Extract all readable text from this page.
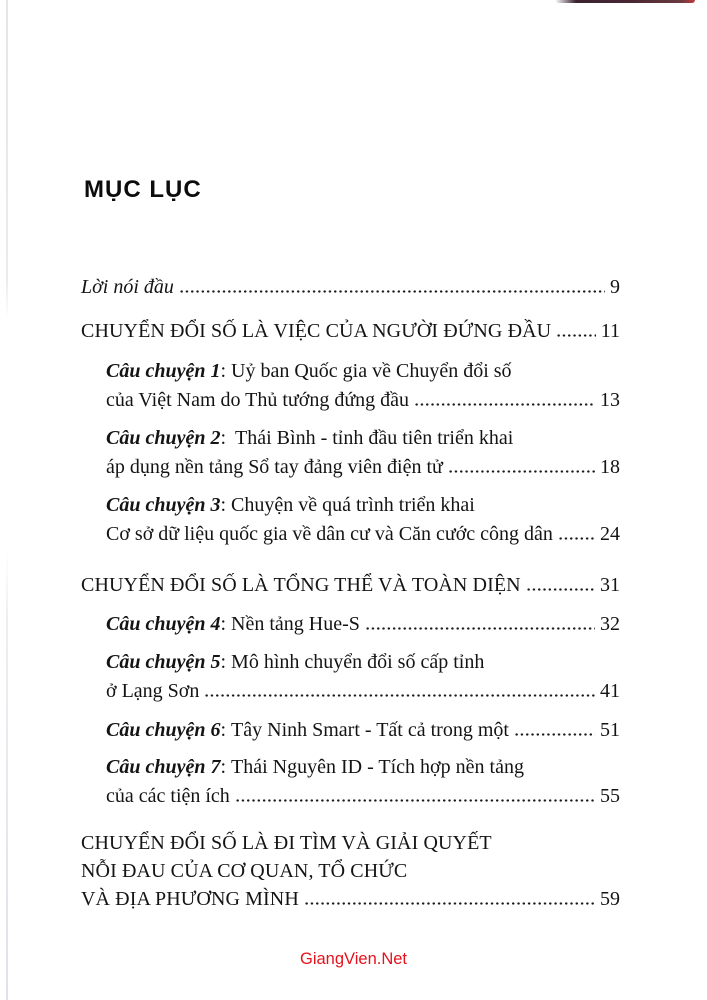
MỤC LỤC
Lời nói đầu	9
CHUYỂN ĐỔI SỐ LÀ VIỆC CỦA NGƯỜI ĐỨNG ĐẦU 11
Câu chuyện 1: Uỷ ban Quốc gia về Chuyển đổi số
của Việt Nam do Thủ tướng đứng đầu	13
Câu chuyện 2: Thái Bình - tỉnh đầu tiên triển khai
áp dụng nền tảng Sổ tay đảng viên điện tử	18
Câu chuyện 3: Chuyện về quá trình triển khai
Cơ sở dữ liệu quốc gia về dân cư và Căn cước công dân 24
CHUYỂN ĐỔI SỐ LÀ TỔNG THỂ VÀ TOÀN DIỆN	31
Câu chuyện 4: Nền tảng Hue-S	32
Câu chuyện 5: Mô hình chuyển đổi số cấp tỉnh
ở Lạng Sơn	41
Câu chuyện 6: Tây Ninh Smart - Tất cả trong một	51
Câu chuyện 7: Thái Nguyên ID - Tích hợp nền tảng
của các tiện ích	55
CHUYỂN ĐỔI SỐ LÀ ĐI TÌM VÀ GIẢI QUYẾT
NỖI ĐAU CỦA CƠ QUAN, TỔ CHỨC
VÀ ĐỊA PHƯƠNG MÌNH	59
GiangVien.Net
